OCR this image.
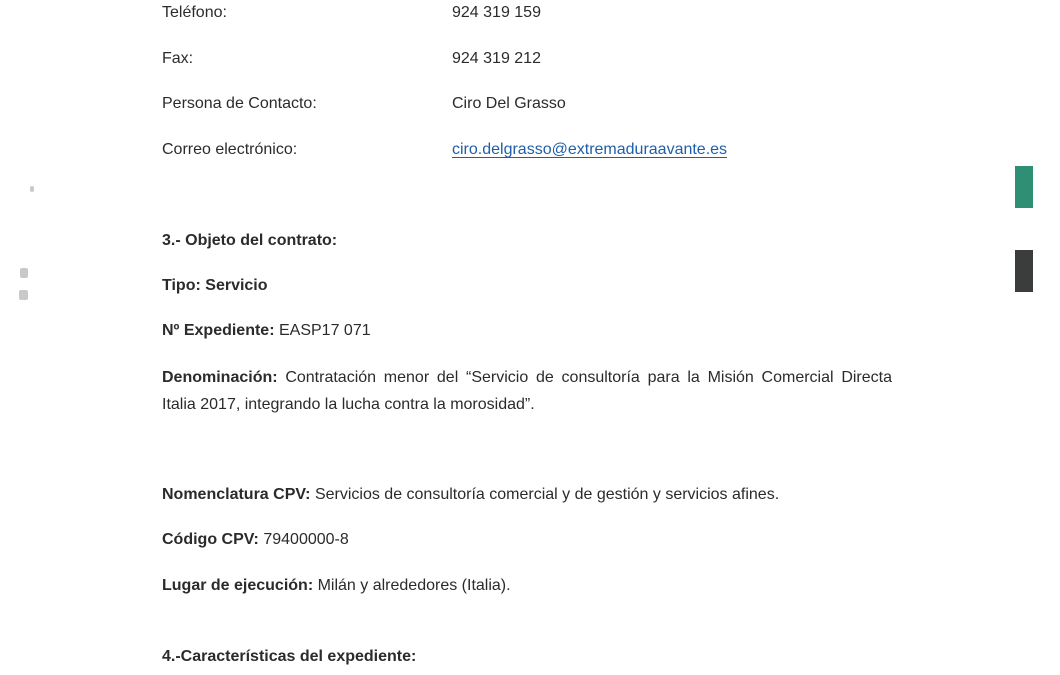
Teléfono:	924 319 159
Fax:	924 319 212
Persona de Contacto:	Ciro Del Grasso
Correo electrónico:	ciro.delgrasso@extremaduraavante.es
3.- Objeto del contrato:
Tipo: Servicio
Nº Expediente: EASP17 071
Denominación: Contratación menor del “Servicio de consultoría para la Misión Comercial Directa Italia 2017, integrando la lucha contra la morosidad”.
Nomenclatura CPV: Servicios de consultoría comercial y de gestión y servicios afines.
Código CPV: 79400000-8
Lugar de ejecución: Milán y alrededores (Italia).
4.-Características del expediente:
